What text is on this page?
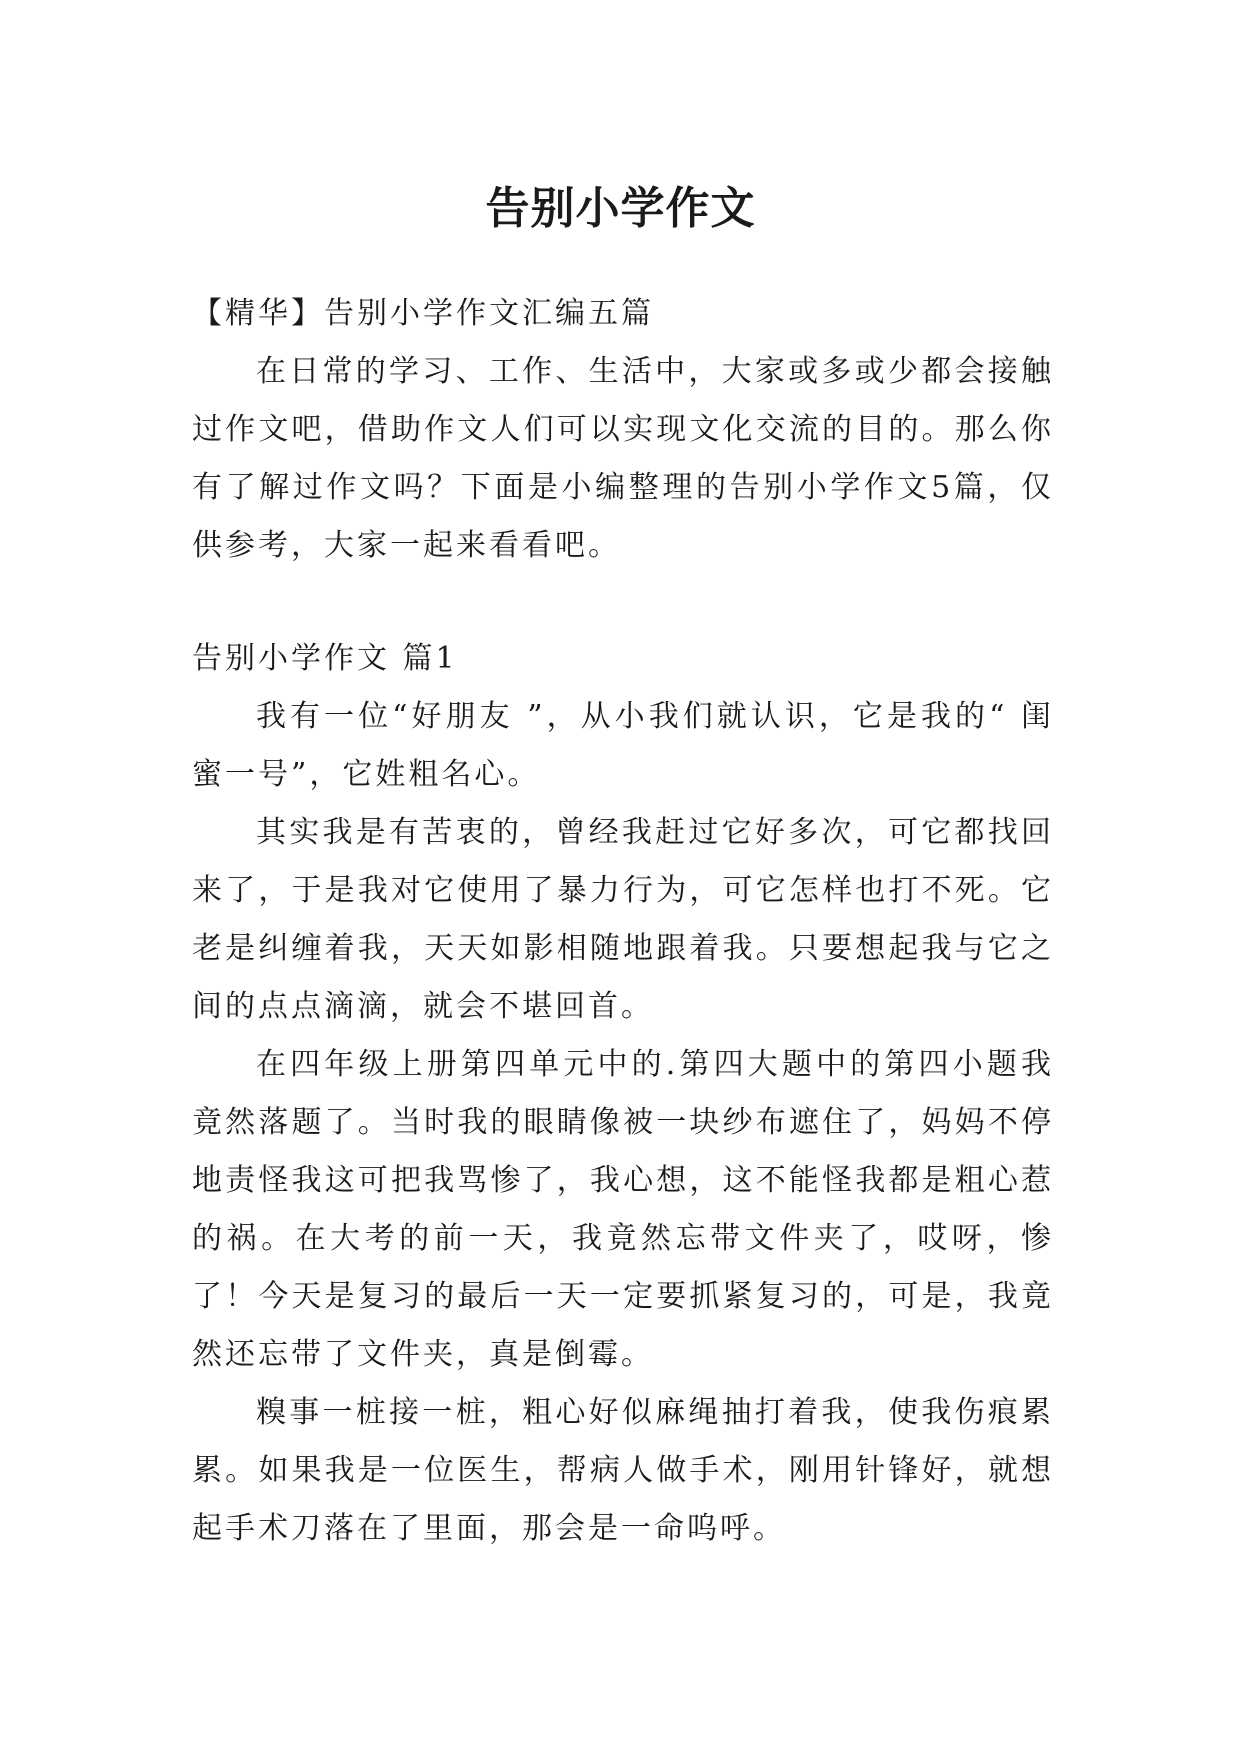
告别小学作文

【精华】告别小学作文汇编五篇

在日常的学习、工作、生活中，大家或多或少都会接触过作文吧，借助作文人们可以实现文化交流的目的。那么你有了解过作文吗？下面是小编整理的告别小学作文5篇，仅供参考，大家一起来看看吧。

告别小学作文 篇1

我有一位“好朋友 ”，从小我们就认识，它是我的“ 闺蜜一号”，它姓粗名心。

其实我是有苦衷的，曾经我赶过它好多次，可它都找回来了，于是我对它使用了暴力行为，可它怎样也打不死。它老是纠缠着我，天天如影相随地跟着我。只要想起我与它之间的点点滴滴，就会不堪回首。

在四年级上册第四单元中的.第四大题中的第四小题我竟然落题了。当时我的眼睛像被一块纱布遮住了，妈妈不停地责怪我这可把我骂惨了，我心想，这不能怪我都是粗心惹的祸。在大考的前一天，我竟然忘带文件夹了，哎呀，惨了！今天是复习的最后一天一定要抓紧复习的，可是，我竟然还忘带了文件夹，真是倒霉。

糗事一桩接一桩，粗心好似麻绳抽打着我，使我伤痕累累。如果我是一位医生，帮病人做手术，刚用针锋好，就想起手术刀落在了里面，那会是一命呜呼。
